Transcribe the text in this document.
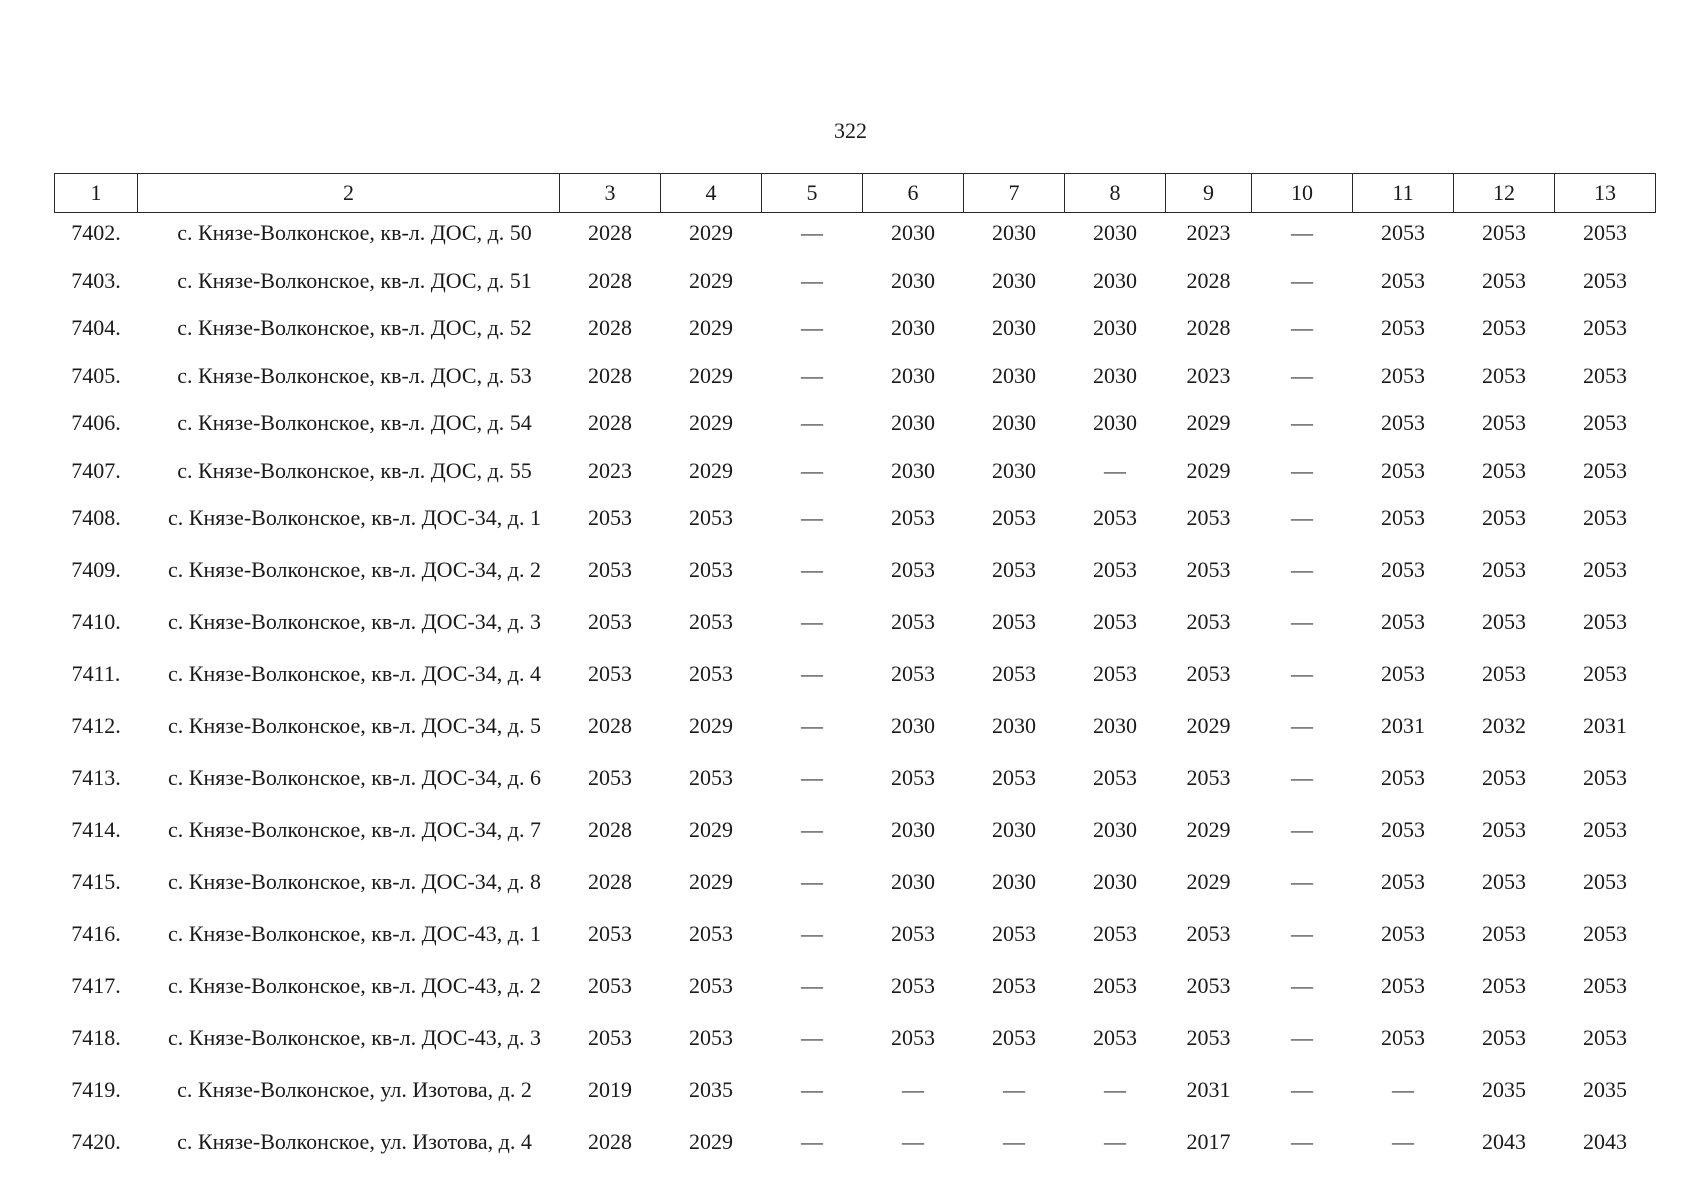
322
1	2	3	4	5	6	7	8	9	10	11	12	13
7402.	с. Князе-Волконское, кв-л. ДОС, д. 50	2028	2029	—	2030	2030	2030	2023	—	2053	2053	2053
7403.	с. Князе-Волконское, кв-л. ДОС, д. 51	2028	2029	—	2030	2030	2030	2028	—	2053	2053	2053
7404.	с. Князе-Волконское, кв-л. ДОС, д. 52	2028	2029	—	2030	2030	2030	2028	—	2053	2053	2053
7405.	с. Князе-Волконское, кв-л. ДОС, д. 53	2028	2029	—	2030	2030	2030	2023	—	2053	2053	2053
7406.	с. Князе-Волконское, кв-л. ДОС, д. 54	2028	2029	—	2030	2030	2030	2029	—	2053	2053	2053
7407.	с. Князе-Волконское, кв-л. ДОС, д. 55	2023	2029	—	2030	2030	—	2029	—	2053	2053	2053
7408.	с. Князе-Волконское, кв-л. ДОС-34, д. 1	2053	2053	—	2053	2053	2053	2053	—	2053	2053	2053
7409.	с. Князе-Волконское, кв-л. ДОС-34, д. 2	2053	2053	—	2053	2053	2053	2053	—	2053	2053	2053
7410.	с. Князе-Волконское, кв-л. ДОС-34, д. 3	2053	2053	—	2053	2053	2053	2053	—	2053	2053	2053
7411.	с. Князе-Волконское, кв-л. ДОС-34, д. 4	2053	2053	—	2053	2053	2053	2053	—	2053	2053	2053
7412.	с. Князе-Волконское, кв-л. ДОС-34, д. 5	2028	2029	—	2030	2030	2030	2029	—	2031	2032	2031
7413.	с. Князе-Волконское, кв-л. ДОС-34, д. 6	2053	2053	—	2053	2053	2053	2053	—	2053	2053	2053
7414.	с. Князе-Волконское, кв-л. ДОС-34, д. 7	2028	2029	—	2030	2030	2030	2029	—	2053	2053	2053
7415.	с. Князе-Волконское, кв-л. ДОС-34, д. 8	2028	2029	—	2030	2030	2030	2029	—	2053	2053	2053
7416.	с. Князе-Волконское, кв-л. ДОС-43, д. 1	2053	2053	—	2053	2053	2053	2053	—	2053	2053	2053
7417.	с. Князе-Волконское, кв-л. ДОС-43, д. 2	2053	2053	—	2053	2053	2053	2053	—	2053	2053	2053
7418.	с. Князе-Волконское, кв-л. ДОС-43, д. 3	2053	2053	—	2053	2053	2053	2053	—	2053	2053	2053
7419.	с. Князе-Волконское, ул. Изотова, д. 2	2019	2035	—	—	—	—	2031	—	—	2035	2035
7420.	с. Князе-Волконское, ул. Изотова, д. 4	2028	2029	—	—	—	—	2017	—	—	2043	2043
